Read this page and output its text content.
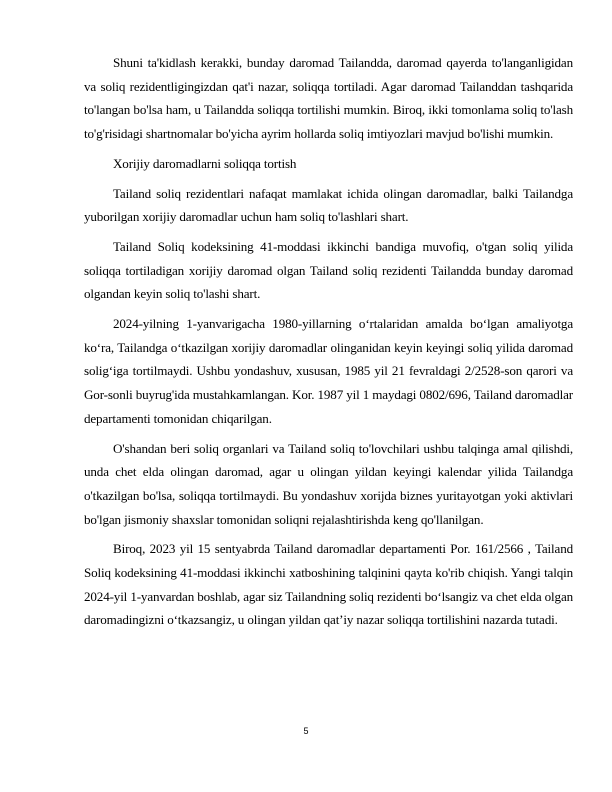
Shuni ta'kidlash kerakki, bunday daromad Tailandda, daromad qayerda to'langanligidan va soliq rezidentligingizdan qat'i nazar, soliqqa tortiladi. Agar daromad Tailanddan tashqarida to'langan bo'lsa ham, u Tailandda soliqqa tortilishi mumkin. Biroq, ikki tomonlama soliq to'lash to'g'risidagi shartnomalar bo'yicha ayrim hollarda soliq imtiyozlari mavjud bo'lishi mumkin.

Xorijiy daromadlarni soliqqa tortish

Tailand soliq rezidentlari nafaqat mamlakat ichida olingan daromadlar, balki Tailandga yuborilgan xorijiy daromadlar uchun ham soliq to'lashlari shart.

Tailand Soliq kodeksining 41-moddasi ikkinchi bandiga muvofiq, o'tgan soliq yilida soliqqa tortiladigan xorijiy daromad olgan Tailand soliq rezidenti Tailandda bunday daromad olgandan keyin soliq to'lashi shart.

2024-yilning 1-yanvarigacha 1980-yillarning o‘rtalaridan amalda bo‘lgan amaliyotga ko‘ra, Tailandga o‘tkazilgan xorijiy daromadlar olinganidan keyin keyingi soliq yilida daromad solig‘iga tortilmaydi. Ushbu yondashuv, xususan, 1985 yil 21 fevraldagi 2/2528-son qarori va Gor-sonli buyrug'ida mustahkamlangan. Kor. 1987 yil 1 maydagi 0802/696, Tailand daromadlar departamenti tomonidan chiqarilgan.

O'shandan beri soliq organlari va Tailand soliq to'lovchilari ushbu talqinga amal qilishdi, unda chet elda olingan daromad, agar u olingan yildan keyingi kalendar yilida Tailandga o'tkazilgan bo'lsa, soliqqa tortilmaydi. Bu yondashuv xorijda biznes yuritayotgan yoki aktivlari bo'lgan jismoniy shaxslar tomonidan soliqni rejalashtirishda keng qo'llanilgan.

Biroq, 2023 yil 15 sentyabrda Tailand daromadlar departamenti Por. 161/2566 , Tailand Soliq kodeksining 41-moddasi ikkinchi xatboshining talqinini qayta ko'rib chiqish. Yangi talqin 2024-yil 1-yanvardan boshlab, agar siz Tailandning soliq rezidenti bo‘lsangiz va chet elda olgan daromadingizni o‘tkazsangiz, u olingan yildan qat’iy nazar soliqqa tortilishini nazarda tutadi.

5
